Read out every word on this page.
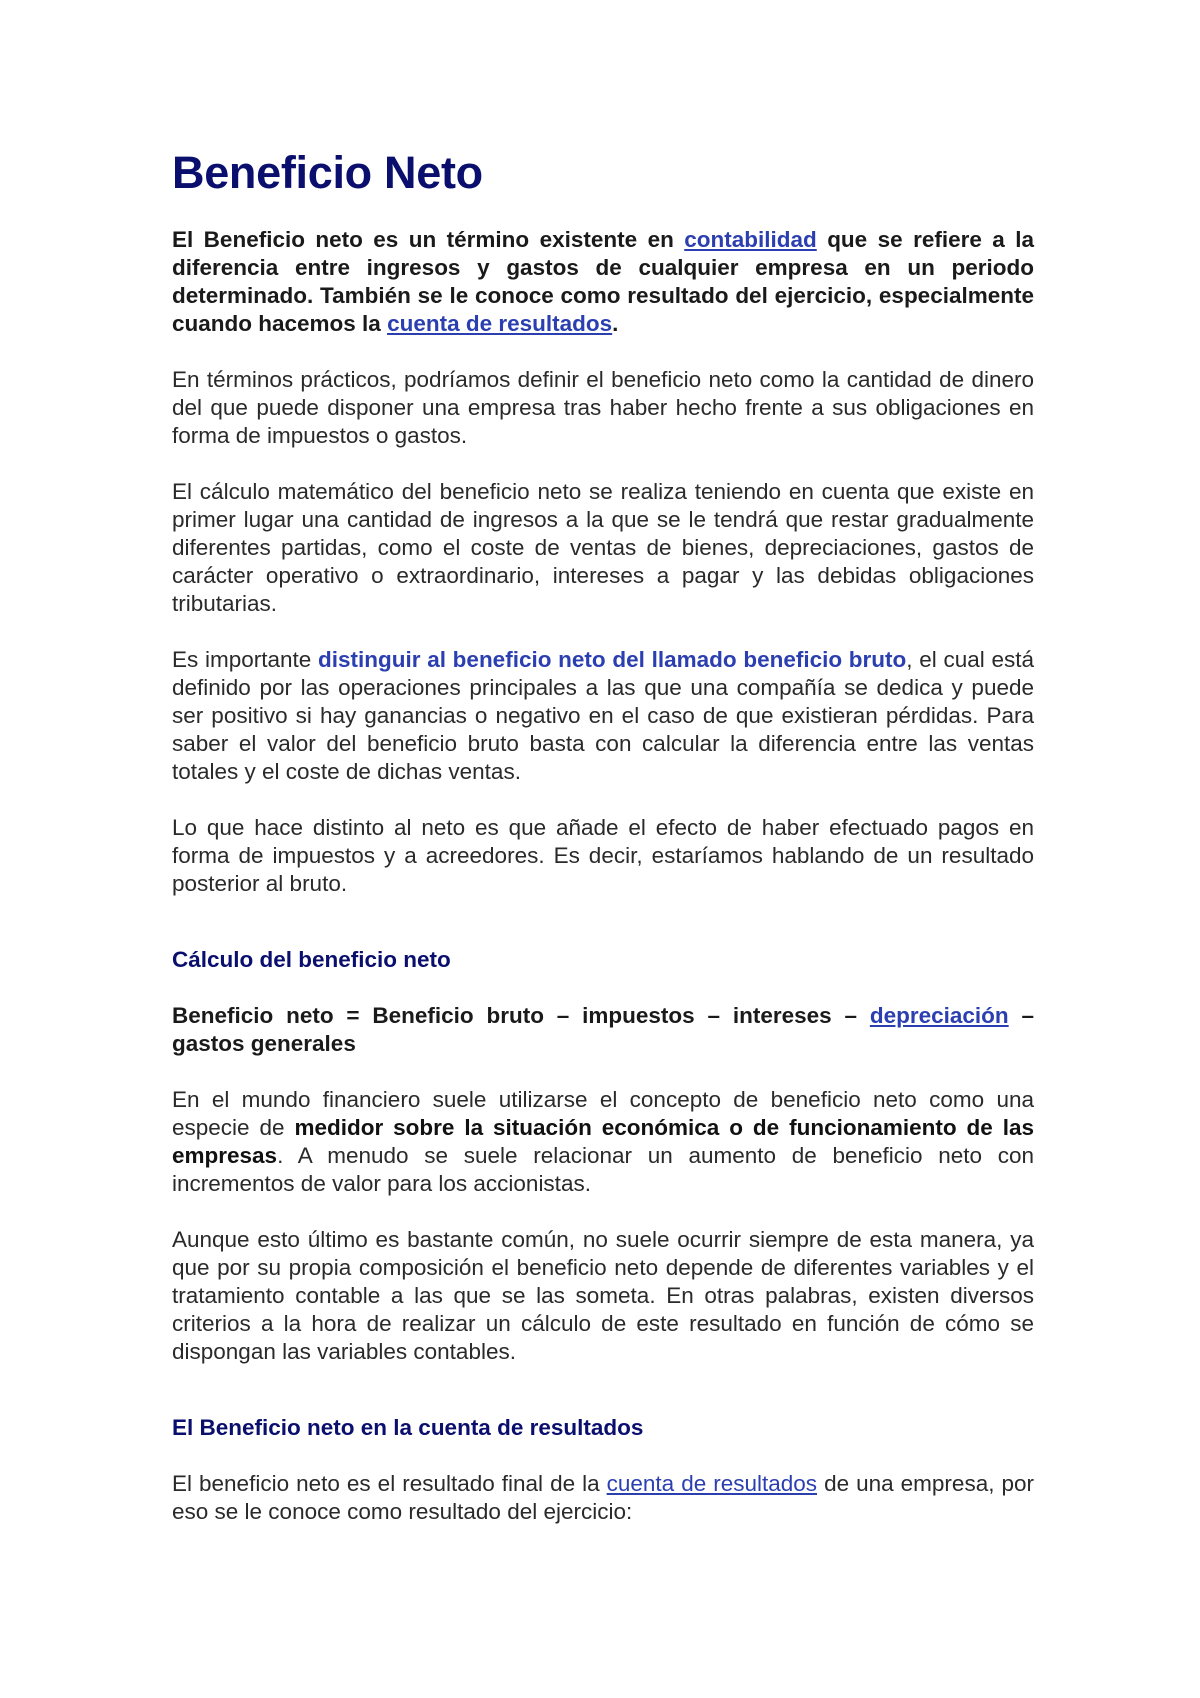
Beneficio Neto

El Beneficio neto es un término existente en contabilidad que se refiere a la diferencia entre ingresos y gastos de cualquier empresa en un periodo determinado. También se le conoce como resultado del ejercicio, especialmente cuando hacemos la cuenta de resultados.

En términos prácticos, podríamos definir el beneficio neto como la cantidad de dinero del que puede disponer una empresa tras haber hecho frente a sus obligaciones en forma de impuestos o gastos.

El cálculo matemático del beneficio neto se realiza teniendo en cuenta que existe en primer lugar una cantidad de ingresos a la que se le tendrá que restar gradualmente diferentes partidas, como el coste de ventas de bienes, depreciaciones, gastos de carácter operativo o extraordinario, intereses a pagar y las debidas obligaciones tributarias.

Es importante distinguir al beneficio neto del llamado beneficio bruto, el cual está definido por las operaciones principales a las que una compañía se dedica y puede ser positivo si hay ganancias o negativo en el caso de que existieran pérdidas. Para saber el valor del beneficio bruto basta con calcular la diferencia entre las ventas totales y el coste de dichas ventas.

Lo que hace distinto al neto es que añade el efecto de haber efectuado pagos en forma de impuestos y a acreedores. Es decir, estaríamos hablando de un resultado posterior al bruto.

Cálculo del beneficio neto

Beneficio neto = Beneficio bruto – impuestos – intereses – depreciación – gastos generales

En el mundo financiero suele utilizarse el concepto de beneficio neto como una especie de medidor sobre la situación económica o de funcionamiento de las empresas. A menudo se suele relacionar un aumento de beneficio neto con incrementos de valor para los accionistas.

Aunque esto último es bastante común, no suele ocurrir siempre de esta manera, ya que por su propia composición el beneficio neto depende de diferentes variables y el tratamiento contable a las que se las someta. En otras palabras, existen diversos criterios a la hora de realizar un cálculo de este resultado en función de cómo se dispongan las variables contables.

El Beneficio neto en la cuenta de resultados

El beneficio neto es el resultado final de la cuenta de resultados de una empresa, por eso se le conoce como resultado del ejercicio:
